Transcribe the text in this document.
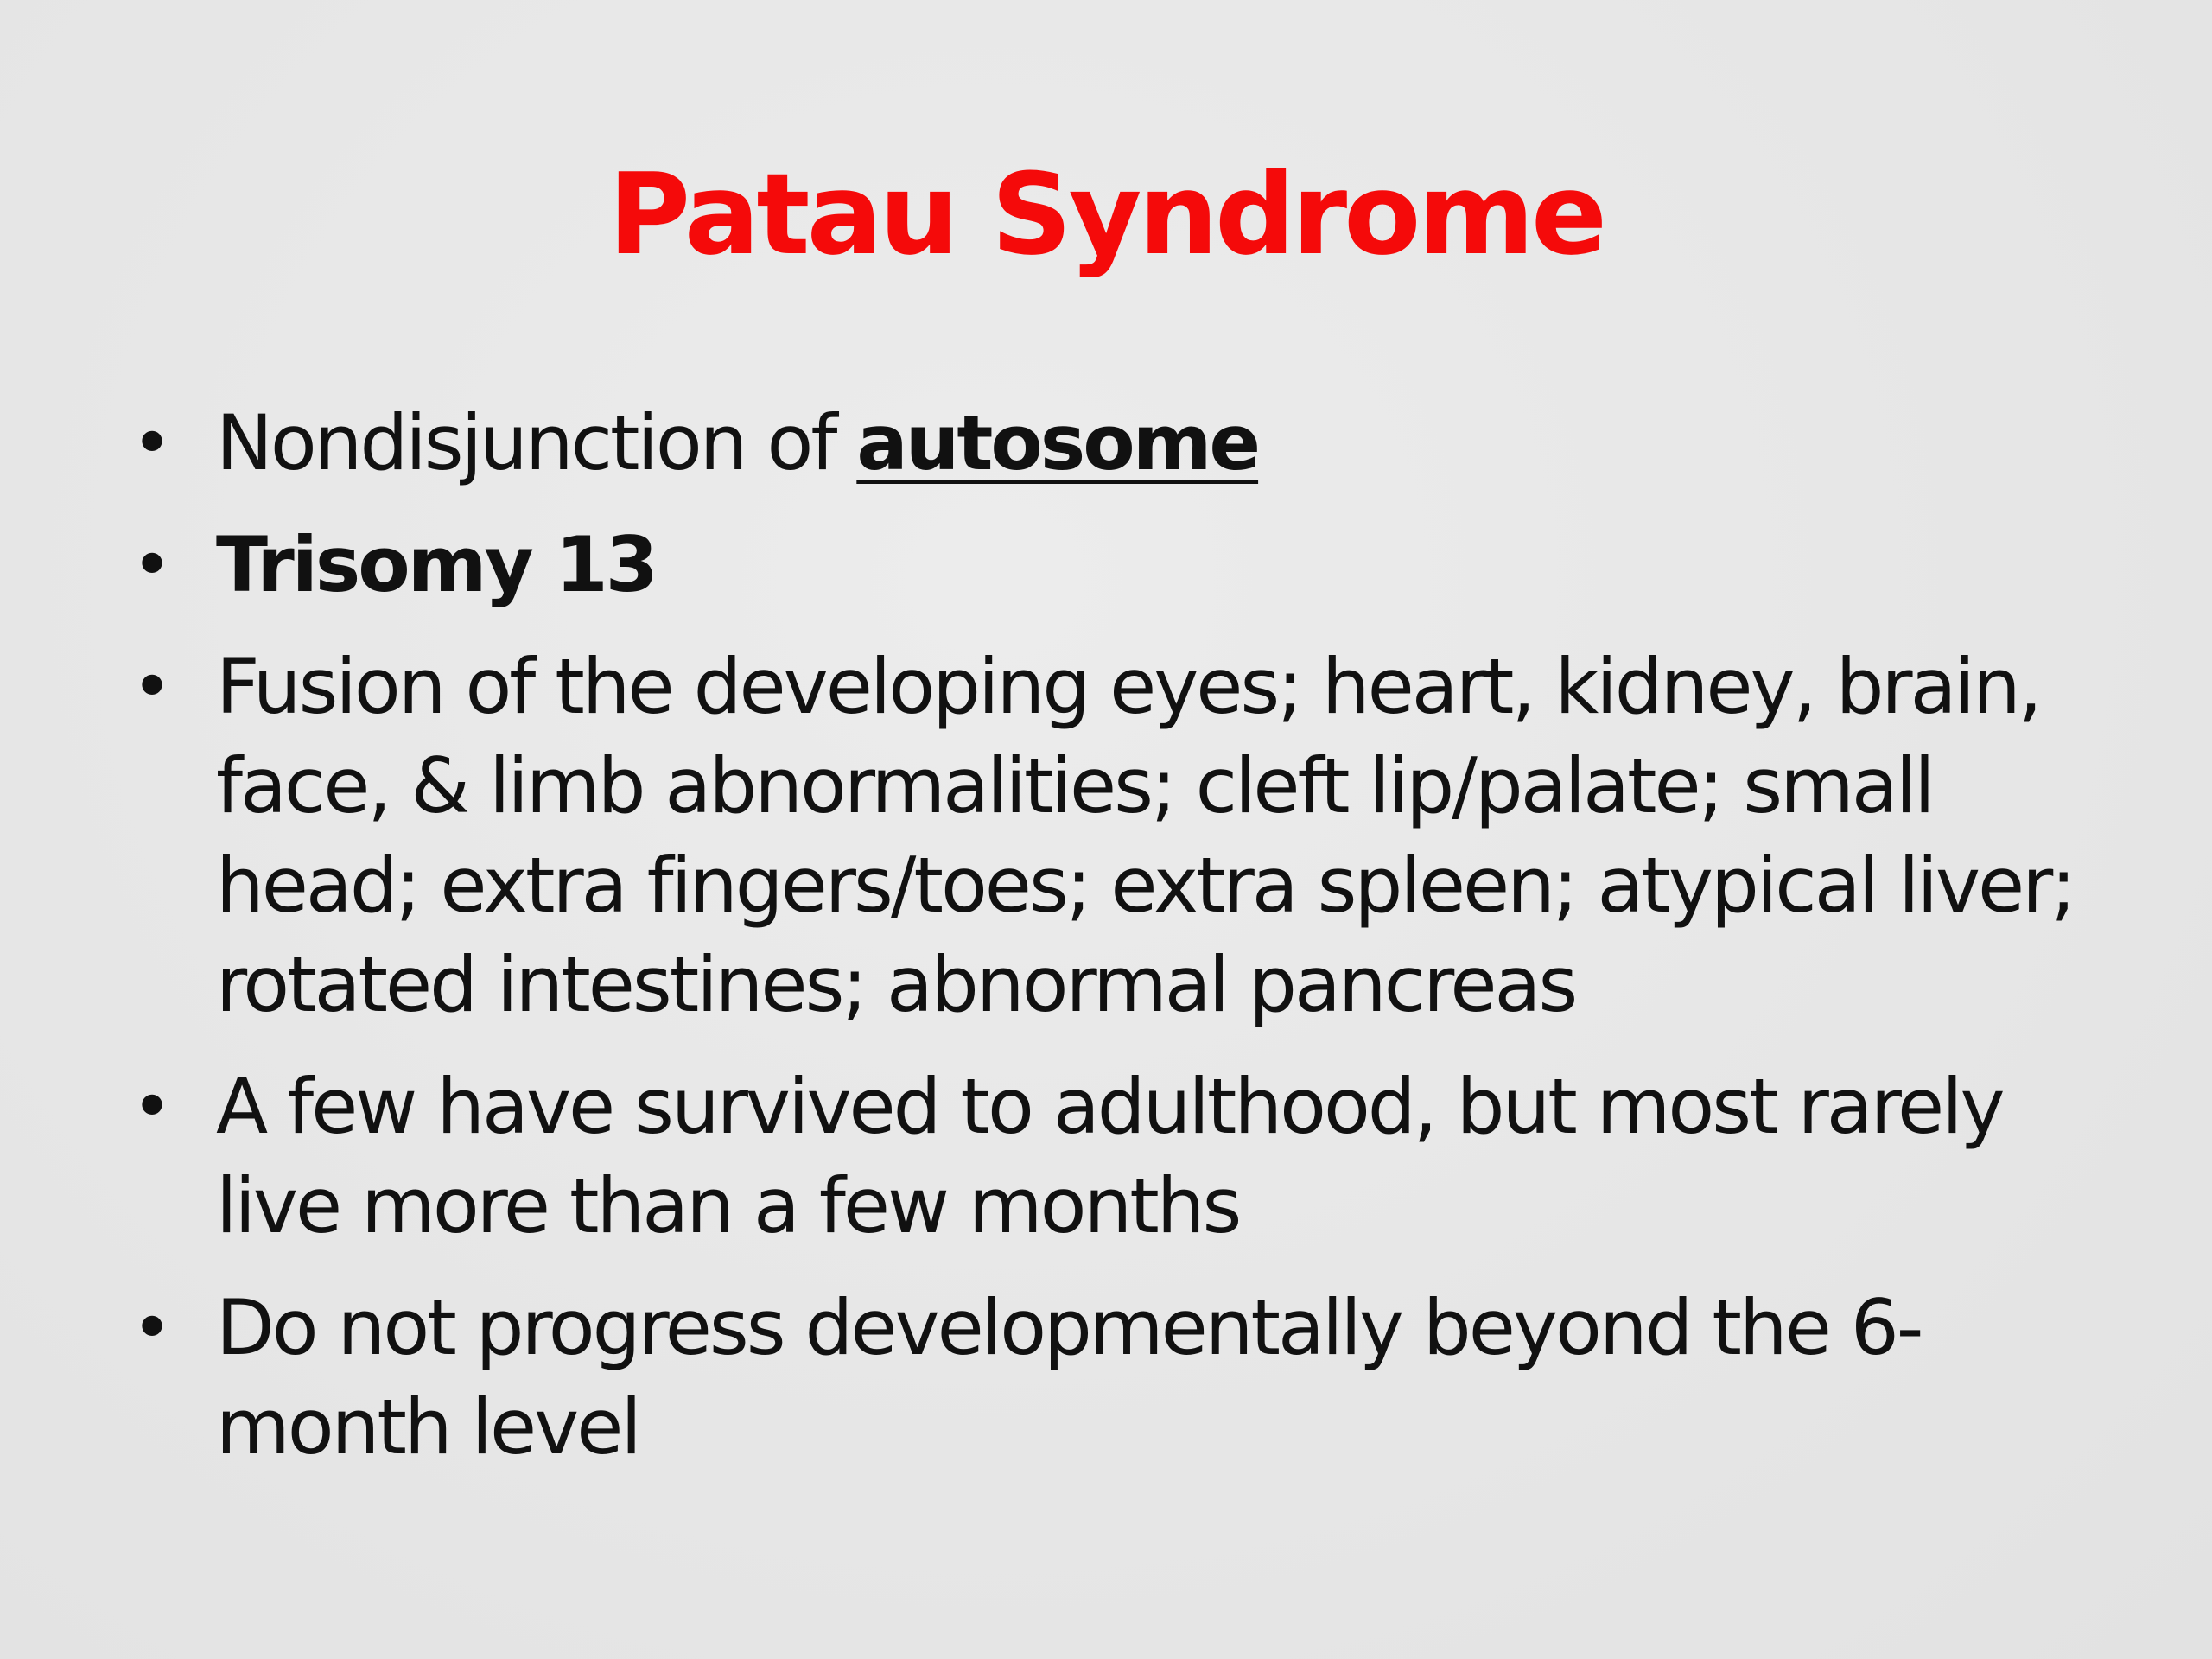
Patau Syndrome
• Nondisjunction of autosome
• Trisomy 13
• Fusion of the developing eyes; heart, kidney, brain, face, & limb abnormalities; cleft lip/palate; small head; extra fingers/toes; extra spleen; atypical liver; rotated intestines; abnormal pancreas
• A few have survived to adulthood, but most rarely live more than a few months
• Do not progress developmentally beyond the 6-month level
